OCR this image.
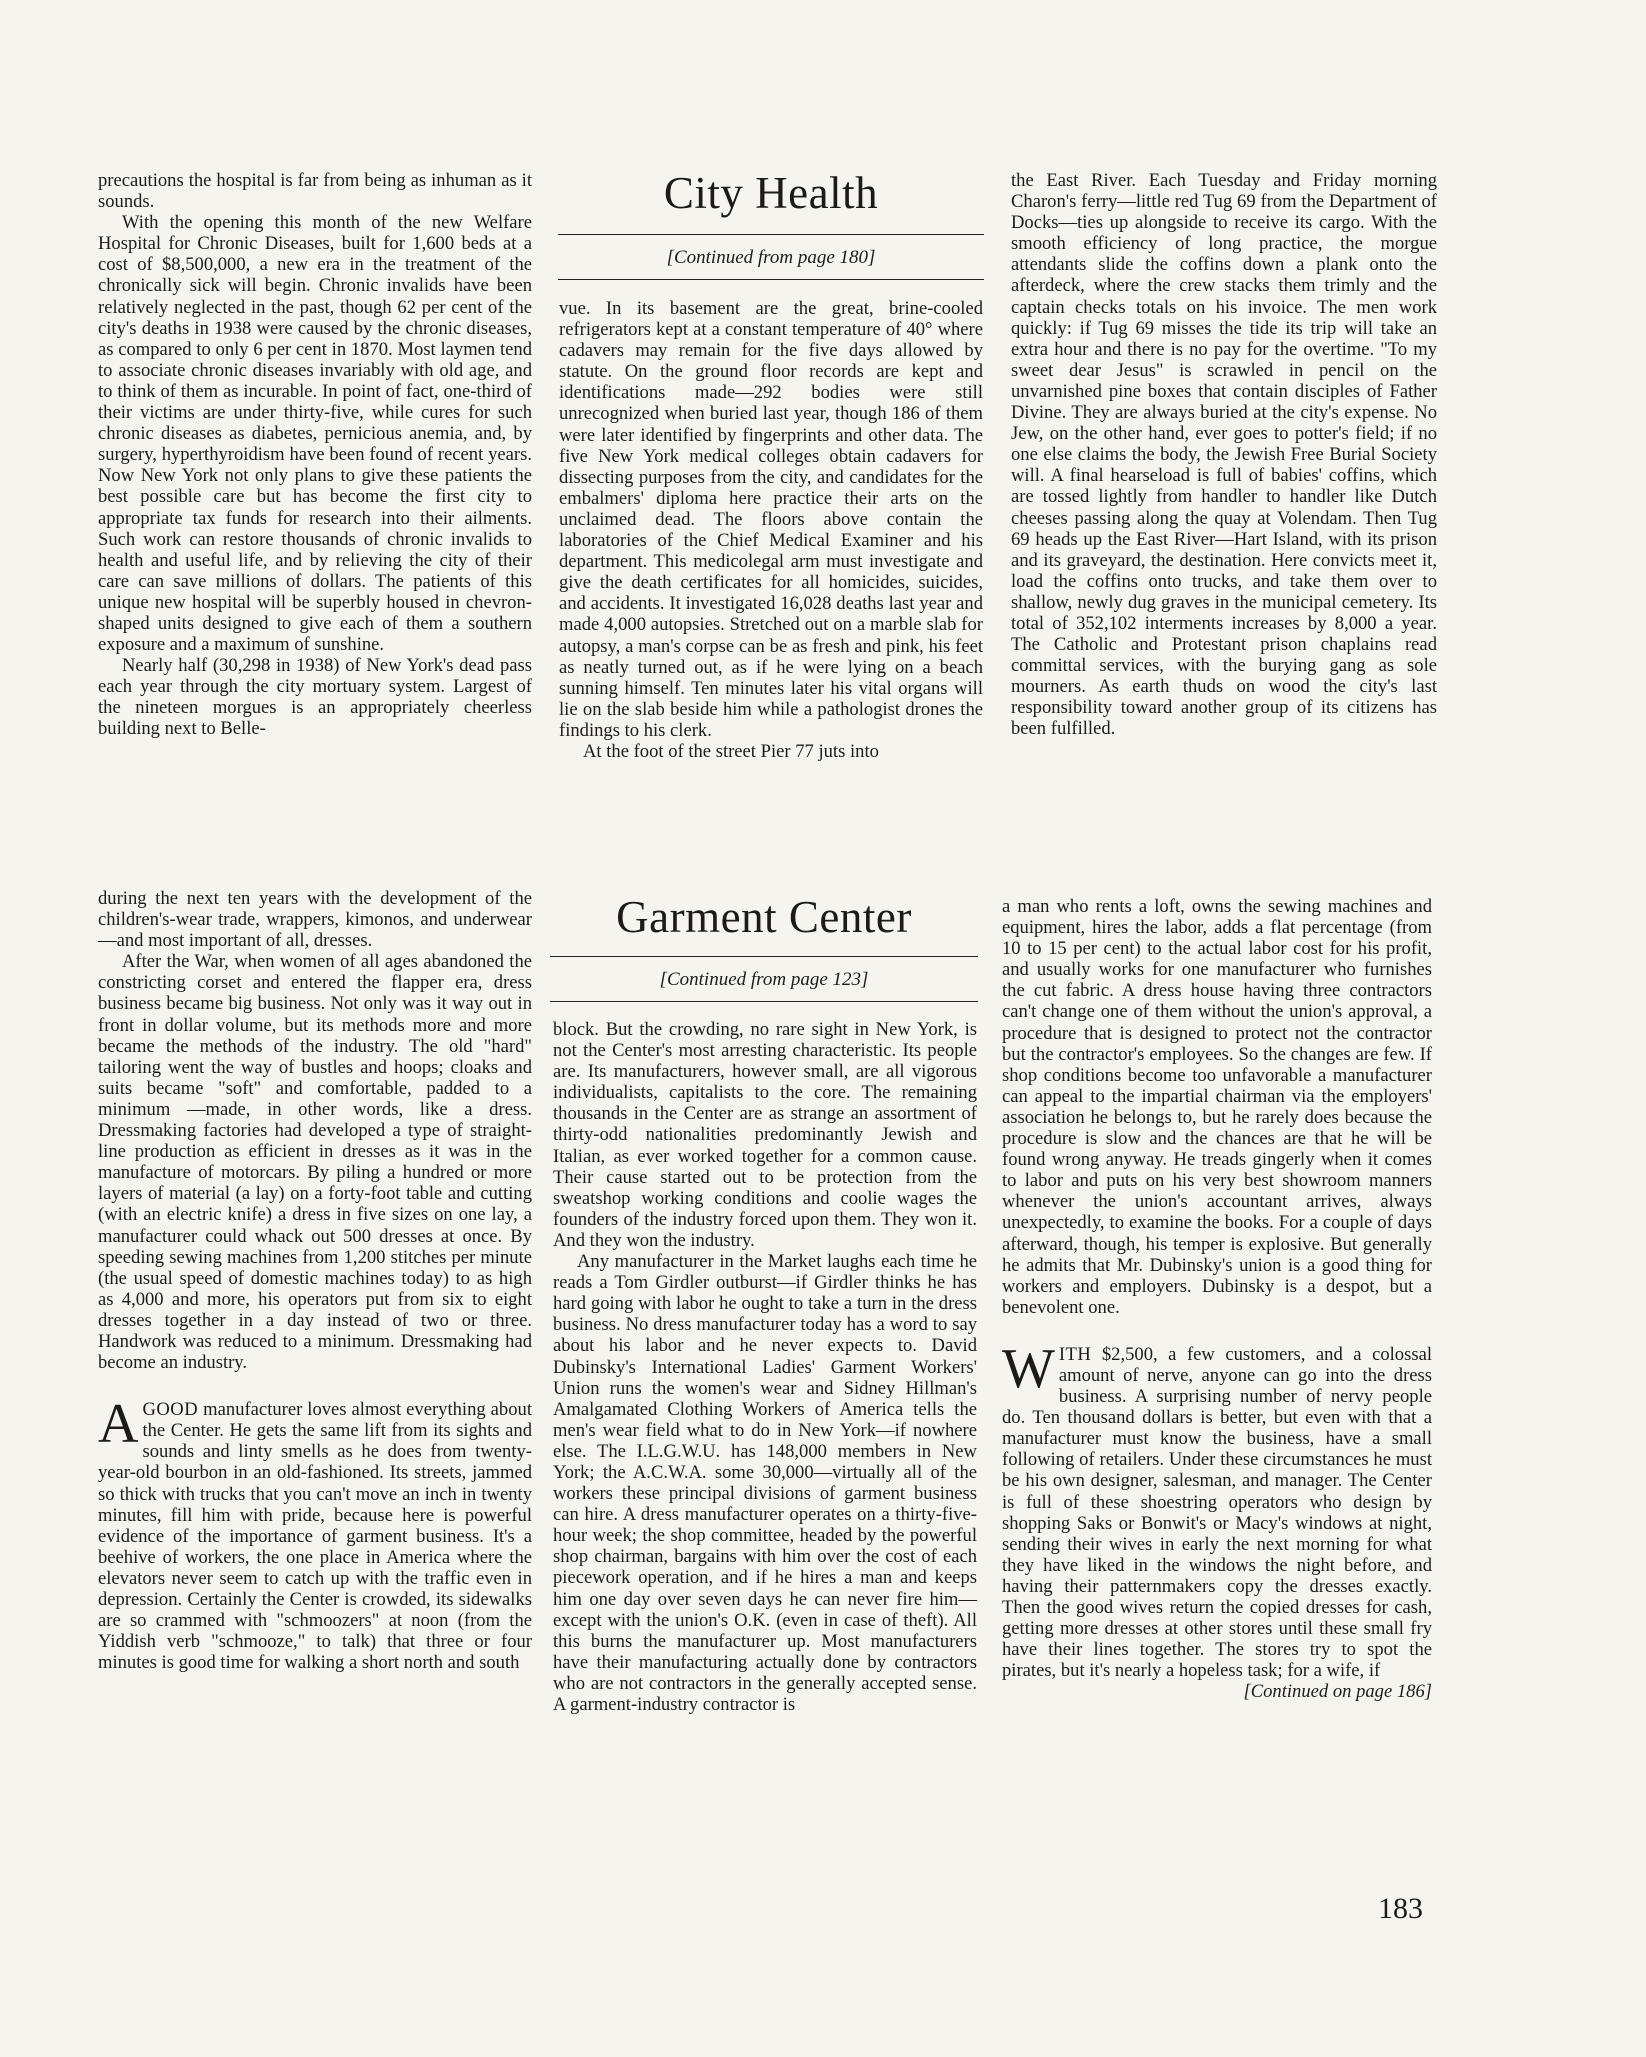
precautions the hospital is far from being as inhuman as it sounds.

With the opening this month of the new Welfare Hospital for Chronic Diseases, built for 1,600 beds at a cost of $8,500,000, a new era in the treatment of the chronically sick will begin. Chronic invalids have been relatively neglected in the past, though 62 per cent of the city's deaths in 1938 were caused by the chronic diseases, as compared to only 6 per cent in 1870. Most laymen tend to associate chronic diseases invariably with old age, and to think of them as incurable. In point of fact, one-third of their victims are under thirty-five, while cures for such chronic diseases as diabetes, pernicious anemia, and, by surgery, hyperthyroidism have been found of recent years. Now New York not only plans to give these patients the best possible care but has become the first city to appropriate tax funds for research into their ailments. Such work can restore thousands of chronic invalids to health and useful life, and by relieving the city of their care can save millions of dollars. The patients of this unique new hospital will be superbly housed in chevron-shaped units designed to give each of them a southern exposure and a maximum of sunshine.

Nearly half (30,298 in 1938) of New York's dead pass each year through the city mortuary system. Largest of the nineteen morgues is an appropriately cheerless building next to Belle-

City Health
[Continued from page 180]

vue. In its basement are the great, brine-cooled refrigerators kept at a constant temperature of 40° where cadavers may remain for the five days allowed by statute. On the ground floor records are kept and identifications made—292 bodies were still unrecognized when buried last year, though 186 of them were later identified by fingerprints and other data. The five New York medical colleges obtain cadavers for dissecting purposes from the city, and candidates for the embalmers' diploma here practice their arts on the unclaimed dead. The floors above contain the laboratories of the Chief Medical Examiner and his department. This medicolegal arm must investigate and give the death certificates for all homicides, suicides, and accidents. It investigated 16,028 deaths last year and made 4,000 autopsies. Stretched out on a marble slab for autopsy, a man's corpse can be as fresh and pink, his feet as neatly turned out, as if he were lying on a beach sunning himself. Ten minutes later his vital organs will lie on the slab beside him while a pathologist drones the findings to his clerk.

At the foot of the street Pier 77 juts into

the East River. Each Tuesday and Friday morning Charon's ferry—little red Tug 69 from the Department of Docks—ties up alongside to receive its cargo. With the smooth efficiency of long practice, the morgue attendants slide the coffins down a plank onto the afterdeck, where the crew stacks them trimly and the captain checks totals on his invoice. The men work quickly: if Tug 69 misses the tide its trip will take an extra hour and there is no pay for the overtime. "To my sweet dear Jesus" is scrawled in pencil on the unvarnished pine boxes that contain disciples of Father Divine. They are always buried at the city's expense. No Jew, on the other hand, ever goes to potter's field; if no one else claims the body, the Jewish Free Burial Society will. A final hearseload is full of babies' coffins, which are tossed lightly from handler to handler like Dutch cheeses passing along the quay at Volendam. Then Tug 69 heads up the East River—Hart Island, with its prison and its graveyard, the destination. Here convicts meet it, load the coffins onto trucks, and take them over to shallow, newly dug graves in the municipal cemetery. Its total of 352,102 interments increases by 8,000 a year. The Catholic and Protestant prison chaplains read committal services, with the burying gang as sole mourners. As earth thuds on wood the city's last responsibility toward another group of its citizens has been fulfilled.

during the next ten years with the development of the children's-wear trade, wrappers, kimonos, and underwear—and most important of all, dresses.

After the War, when women of all ages abandoned the constricting corset and entered the flapper era, dress business became big business. Not only was it way out in front in dollar volume, but its methods more and more became the methods of the industry. The old "hard" tailoring went the way of bustles and hoops; cloaks and suits became "soft" and comfortable, padded to a minimum —made, in other words, like a dress. Dressmaking factories had developed a type of straight-line production as efficient in dresses as it was in the manufacture of motorcars. By piling a hundred or more layers of material (a lay) on a forty-foot table and cutting (with an electric knife) a dress in five sizes on one lay, a manufacturer could whack out 500 dresses at once. By speeding sewing machines from 1,200 stitches per minute (the usual speed of domestic machines today) to as high as 4,000 and more, his operators put from six to eight dresses together in a day instead of two or three. Handwork was reduced to a minimum. Dressmaking had become an industry.

AGOOD manufacturer loves almost everything about the Center. He gets the same lift from its sights and sounds and linty smells as he does from twenty-year-old bourbon in an old-fashioned. Its streets, jammed so thick with trucks that you can't move an inch in twenty minutes, fill him with pride, because here is powerful evidence of the importance of garment business. It's a beehive of workers, the one place in America where the elevators never seem to catch up with the traffic even in depression. Certainly the Center is crowded, its sidewalks are so crammed with "schmoozers" at noon (from the Yiddish verb "schmooze," to talk) that three or four minutes is good time for walking a short north and south

Garment Center
[Continued from page 123]

block. But the crowding, no rare sight in New York, is not the Center's most arresting characteristic. Its people are. Its manufacturers, however small, are all vigorous individualists, capitalists to the core. The remaining thousands in the Center are as strange an assortment of thirty-odd nationalities predominantly Jewish and Italian, as ever worked together for a common cause. Their cause started out to be protection from the sweatshop working conditions and coolie wages the founders of the industry forced upon them. They won it. And they won the industry.

Any manufacturer in the Market laughs each time he reads a Tom Girdler outburst—if Girdler thinks he has hard going with labor he ought to take a turn in the dress business. No dress manufacturer today has a word to say about his labor and he never expects to. David Dubinsky's International Ladies' Garment Workers' Union runs the women's wear and Sidney Hillman's Amalgamated Clothing Workers of America tells the men's wear field what to do in New York—if nowhere else. The I.L.G.W.U. has 148,000 members in New York; the A.C.W.A. some 30,000—virtually all of the workers these principal divisions of garment business can hire. A dress manufacturer operates on a thirty-five-hour week; the shop committee, headed by the powerful shop chairman, bargains with him over the cost of each piecework operation, and if he hires a man and keeps him one day over seven days he can never fire him—except with the union's O.K. (even in case of theft). All this burns the manufacturer up. Most manufacturers have their manufacturing actually done by contractors who are not contractors in the generally accepted sense. A garment-industry contractor is

a man who rents a loft, owns the sewing machines and equipment, hires the labor, adds a flat percentage (from 10 to 15 per cent) to the actual labor cost for his profit, and usually works for one manufacturer who furnishes the cut fabric. A dress house having three contractors can't change one of them without the union's approval, a procedure that is designed to protect not the contractor but the contractor's employees. So the changes are few. If shop conditions become too unfavorable a manufacturer can appeal to the impartial chairman via the employers' association he belongs to, but he rarely does because the procedure is slow and the chances are that he will be found wrong anyway. He treads gingerly when it comes to labor and puts on his very best showroom manners whenever the union's accountant arrives, always unexpectedly, to examine the books. For a couple of days afterward, though, his temper is explosive. But generally he admits that Mr. Dubinsky's union is a good thing for workers and employers. Dubinsky is a despot, but a benevolent one.

WITH $2,500, a few customers, and a colossal amount of nerve, anyone can go into the dress business. A surprising number of nervy people do. Ten thousand dollars is better, but even with that a manufacturer must know the business, have a small following of retailers. Under these circumstances he must be his own designer, salesman, and manager. The Center is full of these shoestring operators who design by shopping Saks or Bonwit's or Macy's windows at night, sending their wives in early the next morning for what they have liked in the windows the night before, and having their patternmakers copy the dresses exactly. Then the good wives return the copied dresses for cash, getting more dresses at other stores until these small fry have their lines together. The stores try to spot the pirates, but it's nearly a hopeless task; for a wife, if

[Continued on page 186]

183
